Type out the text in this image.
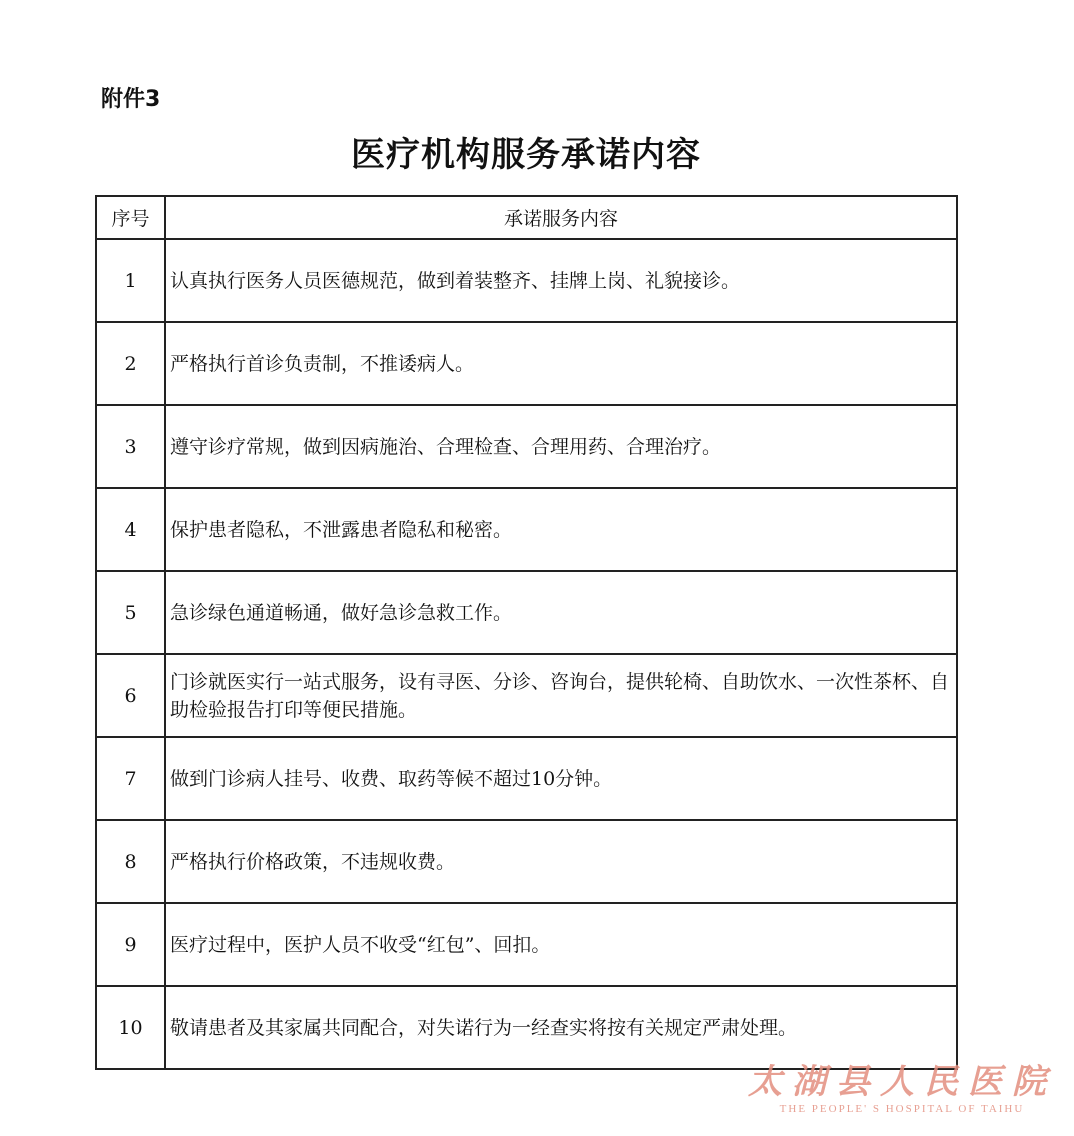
附件3
医疗机构服务承诺内容
序号	承诺服务内容
1	认真执行医务人员医德规范，做到着装整齐、挂牌上岗、礼貌接诊。
2	严格执行首诊负责制，不推诿病人。
3	遵守诊疗常规，做到因病施治、合理检查、合理用药、合理治疗。
4	保护患者隐私，不泄露患者隐私和秘密。
5	急诊绿色通道畅通，做好急诊急救工作。
6	门诊就医实行一站式服务，设有寻医、分诊、咨询台，提供轮椅、自助饮水、一次性茶杯、自助检验报告打印等便民措施。
7	做到门诊病人挂号、收费、取药等候不超过10分钟。
8	严格执行价格政策，不违规收费。
9	医疗过程中，医护人员不收受“红包”、回扣。
10	敬请患者及其家属共同配合，对失诺行为一经查实将按有关规定严肃处理。
太湖县人民医院
THE PEOPLE' S HOSPITAL OF TAIHU
